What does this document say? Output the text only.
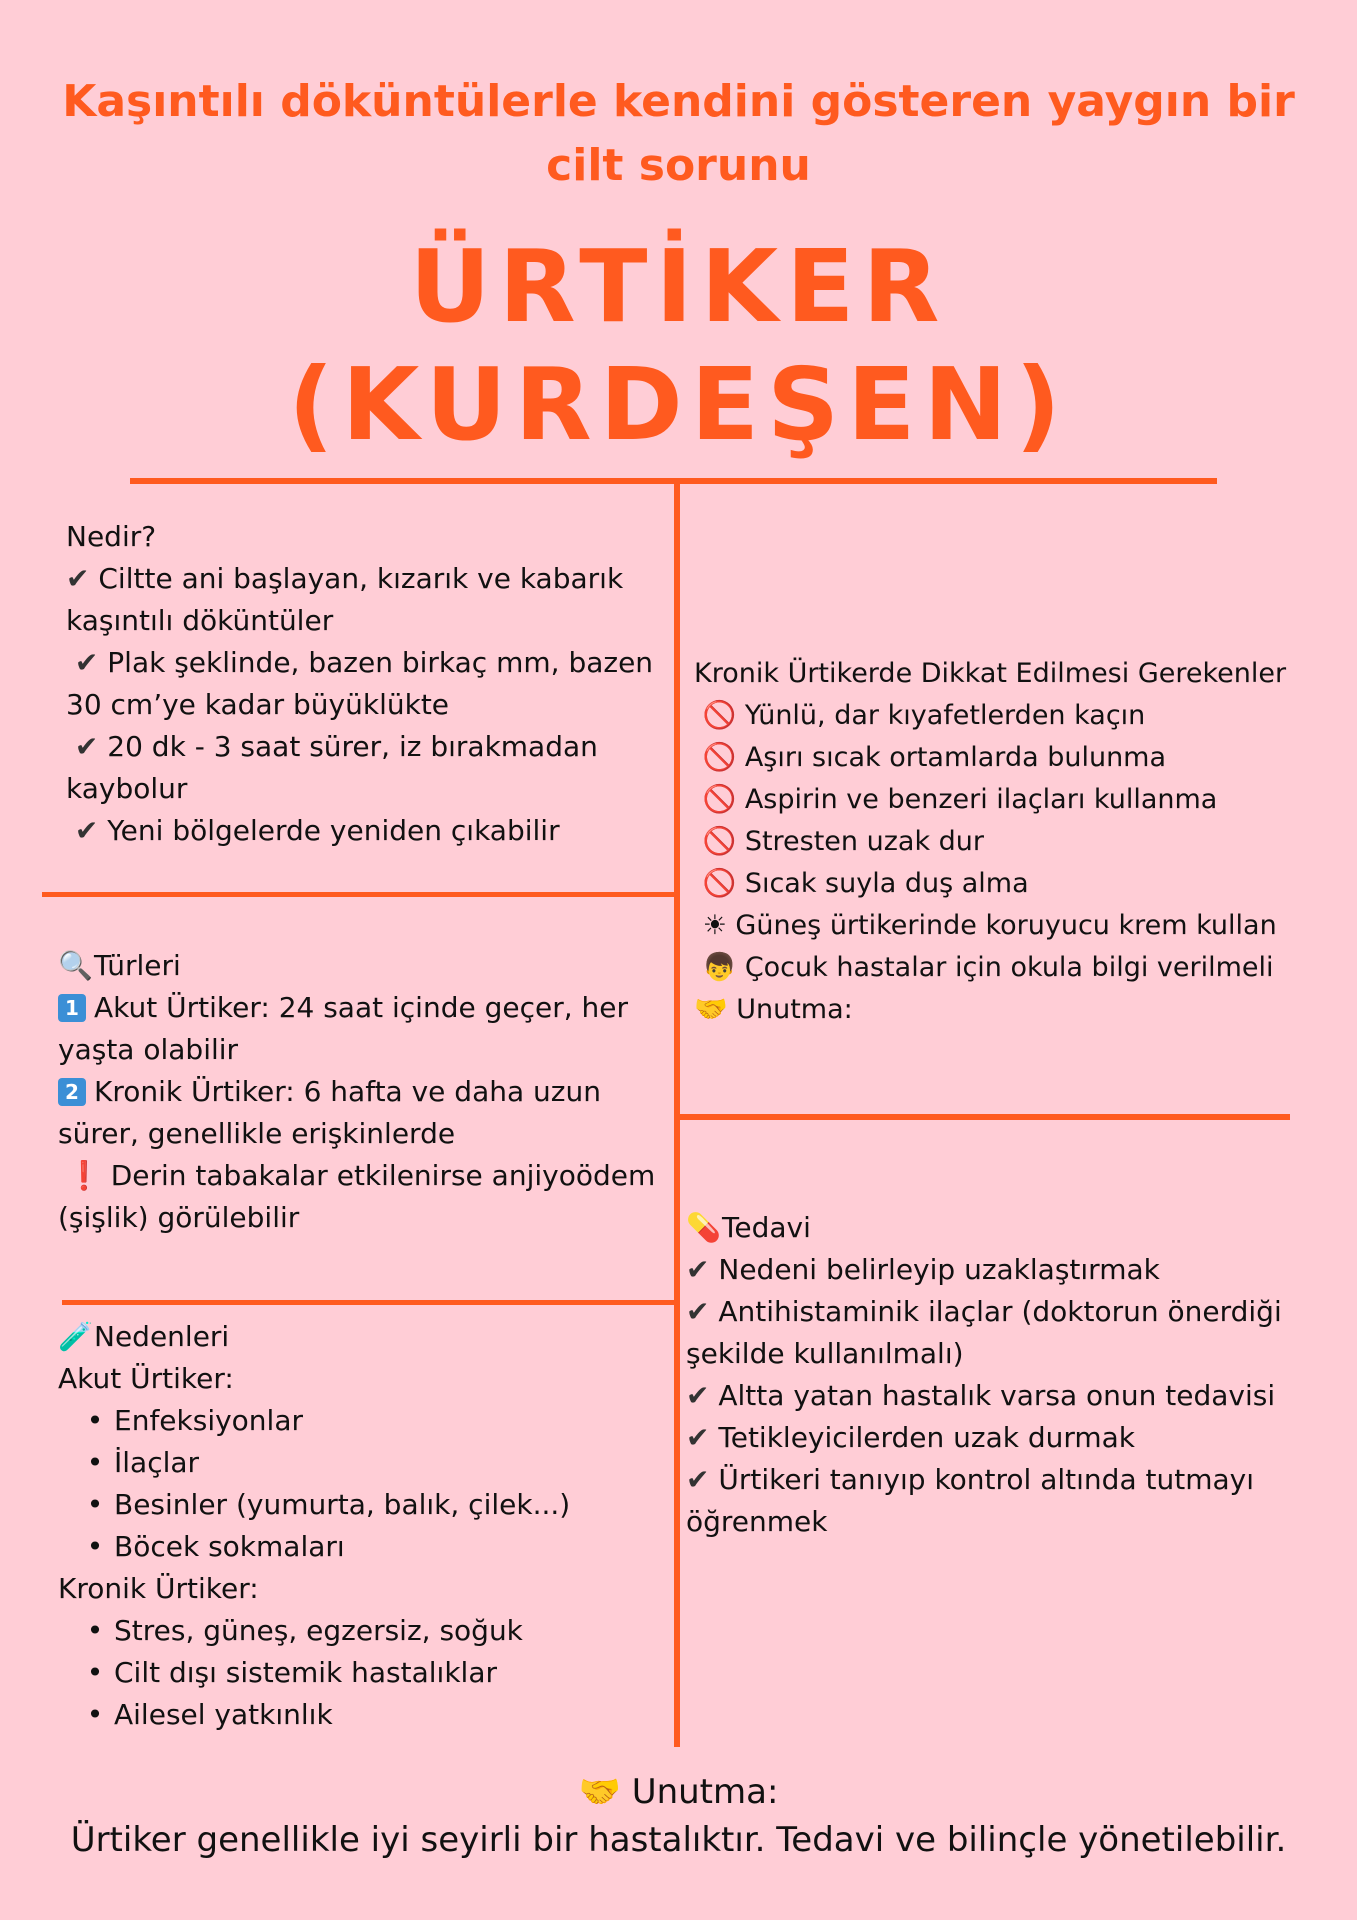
Kaşıntılı döküntülerle kendini gösteren yaygın bir cilt sorunu
ÜRTİKER
(KURDEŞEN)
Nedir?
✔ Ciltte ani başlayan, kızarık ve kabarık kaşıntılı döküntüler
✔ Plak şeklinde, bazen birkaç mm, bazen 30 cm’ye kadar büyüklükte
✔ 20 dk - 3 saat sürer, iz bırakmadan kaybolur
✔ Yeni bölgelerde yeniden çıkabilir
🔍Türleri
1 Akut Ürtiker: 24 saat içinde geçer, her yaşta olabilir
2 Kronik Ürtiker: 6 hafta ve daha uzun sürer, genellikle erişkinlerde
❗ Derin tabakalar etkilenirse anjiyoödem (şişlik) görülebilir
🧪Nedenleri
Akut Ürtiker:
• Enfeksiyonlar
• İlaçlar
• Besinler (yumurta, balık, çilek...)
• Böcek sokmaları
Kronik Ürtiker:
• Stres, güneş, egzersiz, soğuk
• Cilt dışı sistemik hastalıklar
• Ailesel yatkınlık
Kronik Ürtikerde Dikkat Edilmesi Gerekenler
🚫 Yünlü, dar kıyafetlerden kaçın
🚫 Aşırı sıcak ortamlarda bulunma
🚫 Aspirin ve benzeri ilaçları kullanma
🚫 Stresten uzak dur
🚫 Sıcak suyla duş alma
☀ Güneş ürtikerinde koruyucu krem kullan
👦 Çocuk hastalar için okula bilgi verilmeli
🤝 Unutma:
💊Tedavi
✔ Nedeni belirleyip uzaklaştırmak
✔ Antihistaminik ilaçlar (doktorun önerdiği şekilde kullanılmalı)
✔ Altta yatan hastalık varsa onun tedavisi
✔ Tetikleyicilerden uzak durmak
✔ Ürtikeri tanıyıp kontrol altında tutmayı öğrenmek
🤝 Unutma:
Ürtiker genellikle iyi seyirli bir hastalıktır. Tedavi ve bilinçle yönetilebilir.
